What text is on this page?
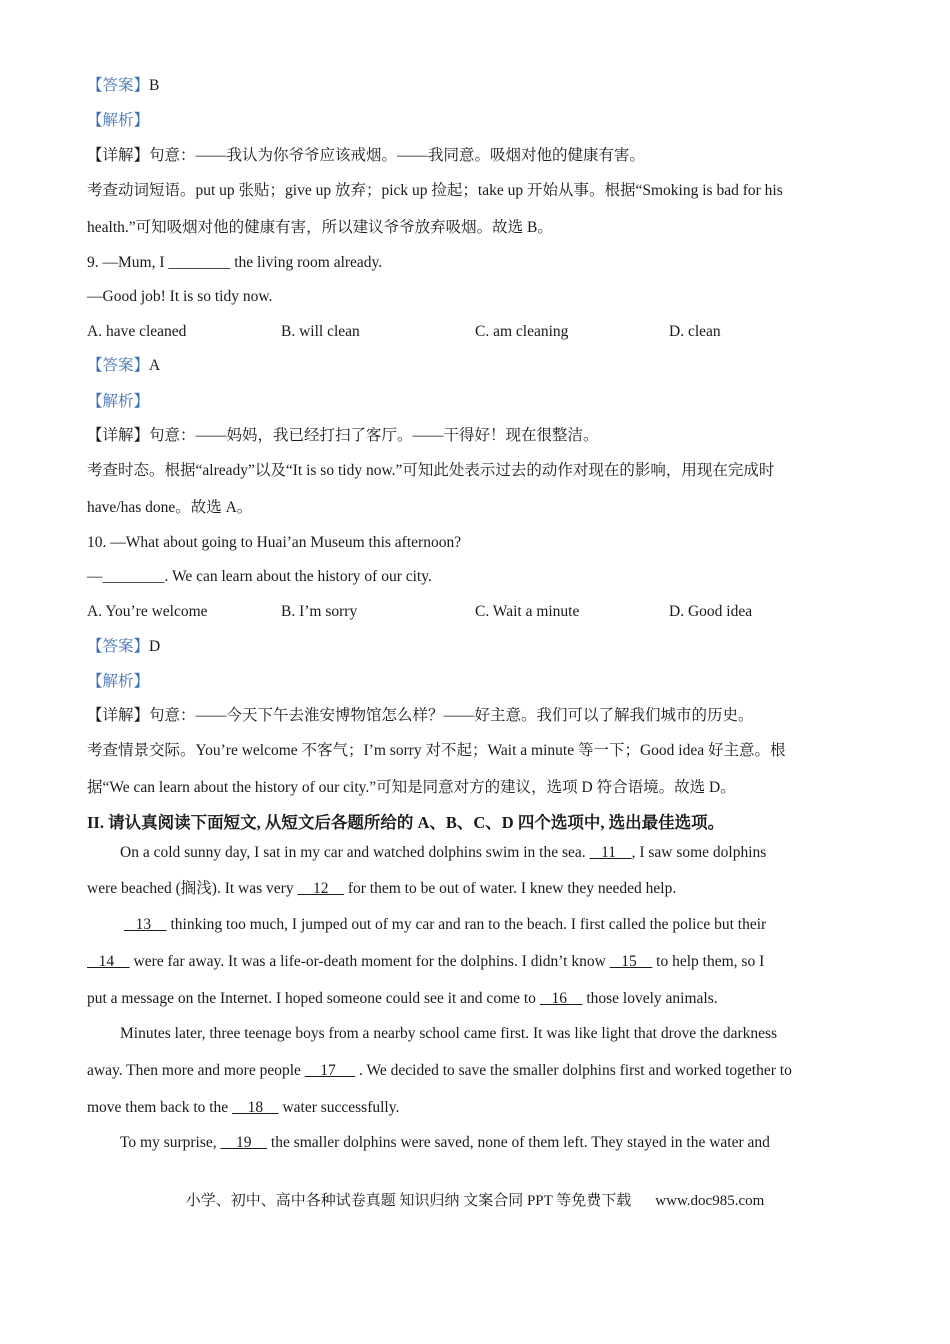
【答案】B
【解析】
【详解】句意：——我认为你爷爷应该戒烟。——我同意。吸烟对他的健康有害。
考查动词短语。put up 张贴；give up 放弃；pick up 捡起；take up 开始从事。根据“Smoking is bad for his
health.”可知吸烟对他的健康有害，所以建议爷爷放弃吸烟。故选 B。
9. —Mum, I ________ the living room already.
—Good job! It is so tidy now.
A. have cleaned	B. will clean	C. am cleaning	D. clean
【答案】A
【解析】
【详解】句意：——妈妈，我已经打扫了客厅。——干得好！现在很整洁。
考查时态。根据“already”以及“It is so tidy now.”可知此处表示过去的动作对现在的影响，用现在完成时
have/has done。故选 A。
10. —What about going to Huai’an Museum this afternoon?
—________. We can learn about the history of our city.
A. You’re welcome	B. I’m sorry	C. Wait a minute	D. Good idea
【答案】D
【解析】
【详解】句意：——今天下午去淮安博物馆怎么样？——好主意。我们可以了解我们城市的历史。
考查情景交际。You’re welcome 不客气；I’m sorry 对不起；Wait a minute 等一下；Good idea 好主意。根
据“We can learn about the history of our city.”可知是同意对方的建议，选项 D 符合语境。故选 D。
II. 请认真阅读下面短文, 从短文后各题所给的 A、B、C、D 四个选项中, 选出最佳选项。
On a cold sunny day, I sat in my car and watched dolphins swim in the sea.    11    , I saw some dolphins
were beached (搁浅). It was very     12     for them to be out of water. I knew they needed help.
13     thinking too much, I jumped out of my car and ran to the beach. I first called the police but their
14     were far away. It was a life-or-death moment for the dolphins. I didn’t know    15     to help them, so I
put a message on the Internet. I hoped someone could see it and come to    16     those lovely animals.
Minutes later, three teenage boys from a nearby school came first. It was like light that drove the darkness
away. Then more and more people     17      . We decided to save the smaller dolphins first and worked together to
move them back to the     18     water successfully.
To my surprise,     19     the smaller dolphins were saved, none of them left. They stayed in the water and
小学、初中、高中各种试卷真题 知识归纳 文案合同 PPT 等免费下载 www.doc985.com
